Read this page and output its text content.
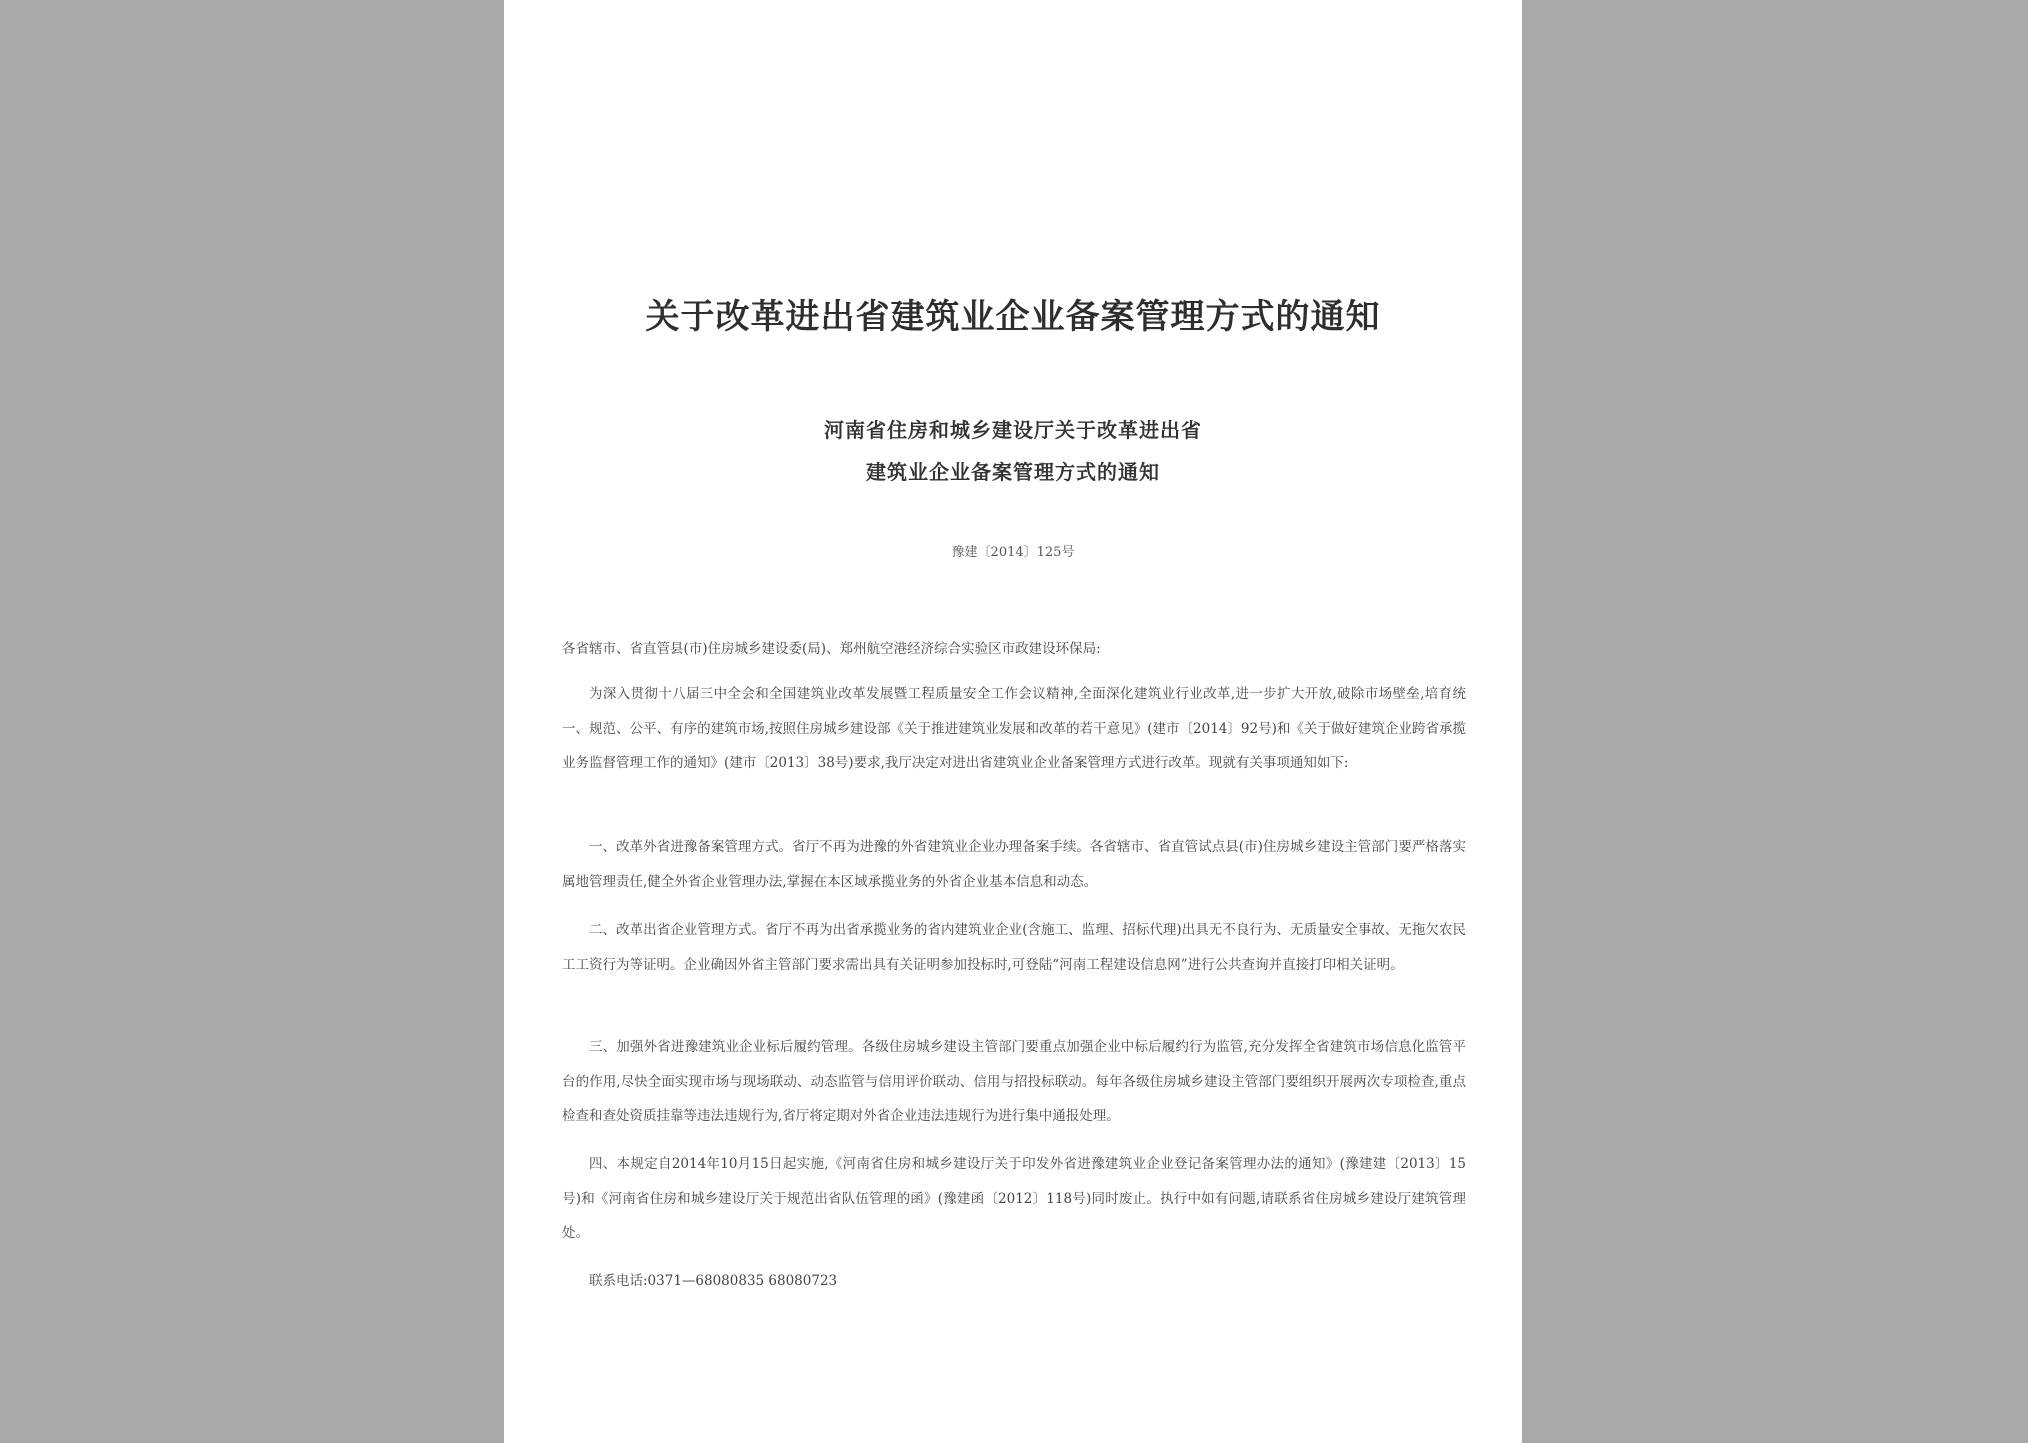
关于改革进出省建筑业企业备案管理方式的通知
河南省住房和城乡建设厅关于改革进出省
建筑业企业备案管理方式的通知
豫建〔2014〕125号
各省辖市、省直管县(市)住房城乡建设委(局)、郑州航空港经济综合实验区市政建设环保局:

为深入贯彻十八届三中全会和全国建筑业改革发展暨工程质量安全工作会议精神,全面深化建筑业行业改革,进一步扩大开放,破除市场壁垒,培育统一、规范、公平、有序的建筑市场,按照住房城乡建设部《关于推进建筑业发展和改革的若干意见》(建市〔2014〕92号)和《关于做好建筑企业跨省承揽业务监督管理工作的通知》(建市〔2013〕38号)要求,我厅决定对进出省建筑业企业备案管理方式进行改革。现就有关事项通知如下:

一、改革外省进豫备案管理方式。省厅不再为进豫的外省建筑业企业办理备案手续。各省辖市、省直管试点县(市)住房城乡建设主管部门要严格落实属地管理责任,健全外省企业管理办法,掌握在本区域承揽业务的外省企业基本信息和动态。

二、改革出省企业管理方式。省厅不再为出省承揽业务的省内建筑业企业(含施工、监理、招标代理)出具无不良行为、无质量安全事故、无拖欠农民工工资行为等证明。企业确因外省主管部门要求需出具有关证明参加投标时,可登陆“河南工程建设信息网”进行公共查询并直接打印相关证明。

三、加强外省进豫建筑业企业标后履约管理。各级住房城乡建设主管部门要重点加强企业中标后履约行为监管,充分发挥全省建筑市场信息化监管平台的作用,尽快全面实现市场与现场联动、动态监管与信用评价联动、信用与招投标联动。每年各级住房城乡建设主管部门要组织开展两次专项检查,重点检查和查处资质挂靠等违法违规行为,省厅将定期对外省企业违法违规行为进行集中通报处理。

四、本规定自2014年10月15日起实施,《河南省住房和城乡建设厅关于印发外省进豫建筑业企业登记备案管理办法的通知》(豫建建〔2013〕15号)和《河南省住房和城乡建设厅关于规范出省队伍管理的函》(豫建函〔2012〕118号)同时废止。执行中如有问题,请联系省住房城乡建设厅建筑管理处。

联系电话:0371—68080835 68080723
